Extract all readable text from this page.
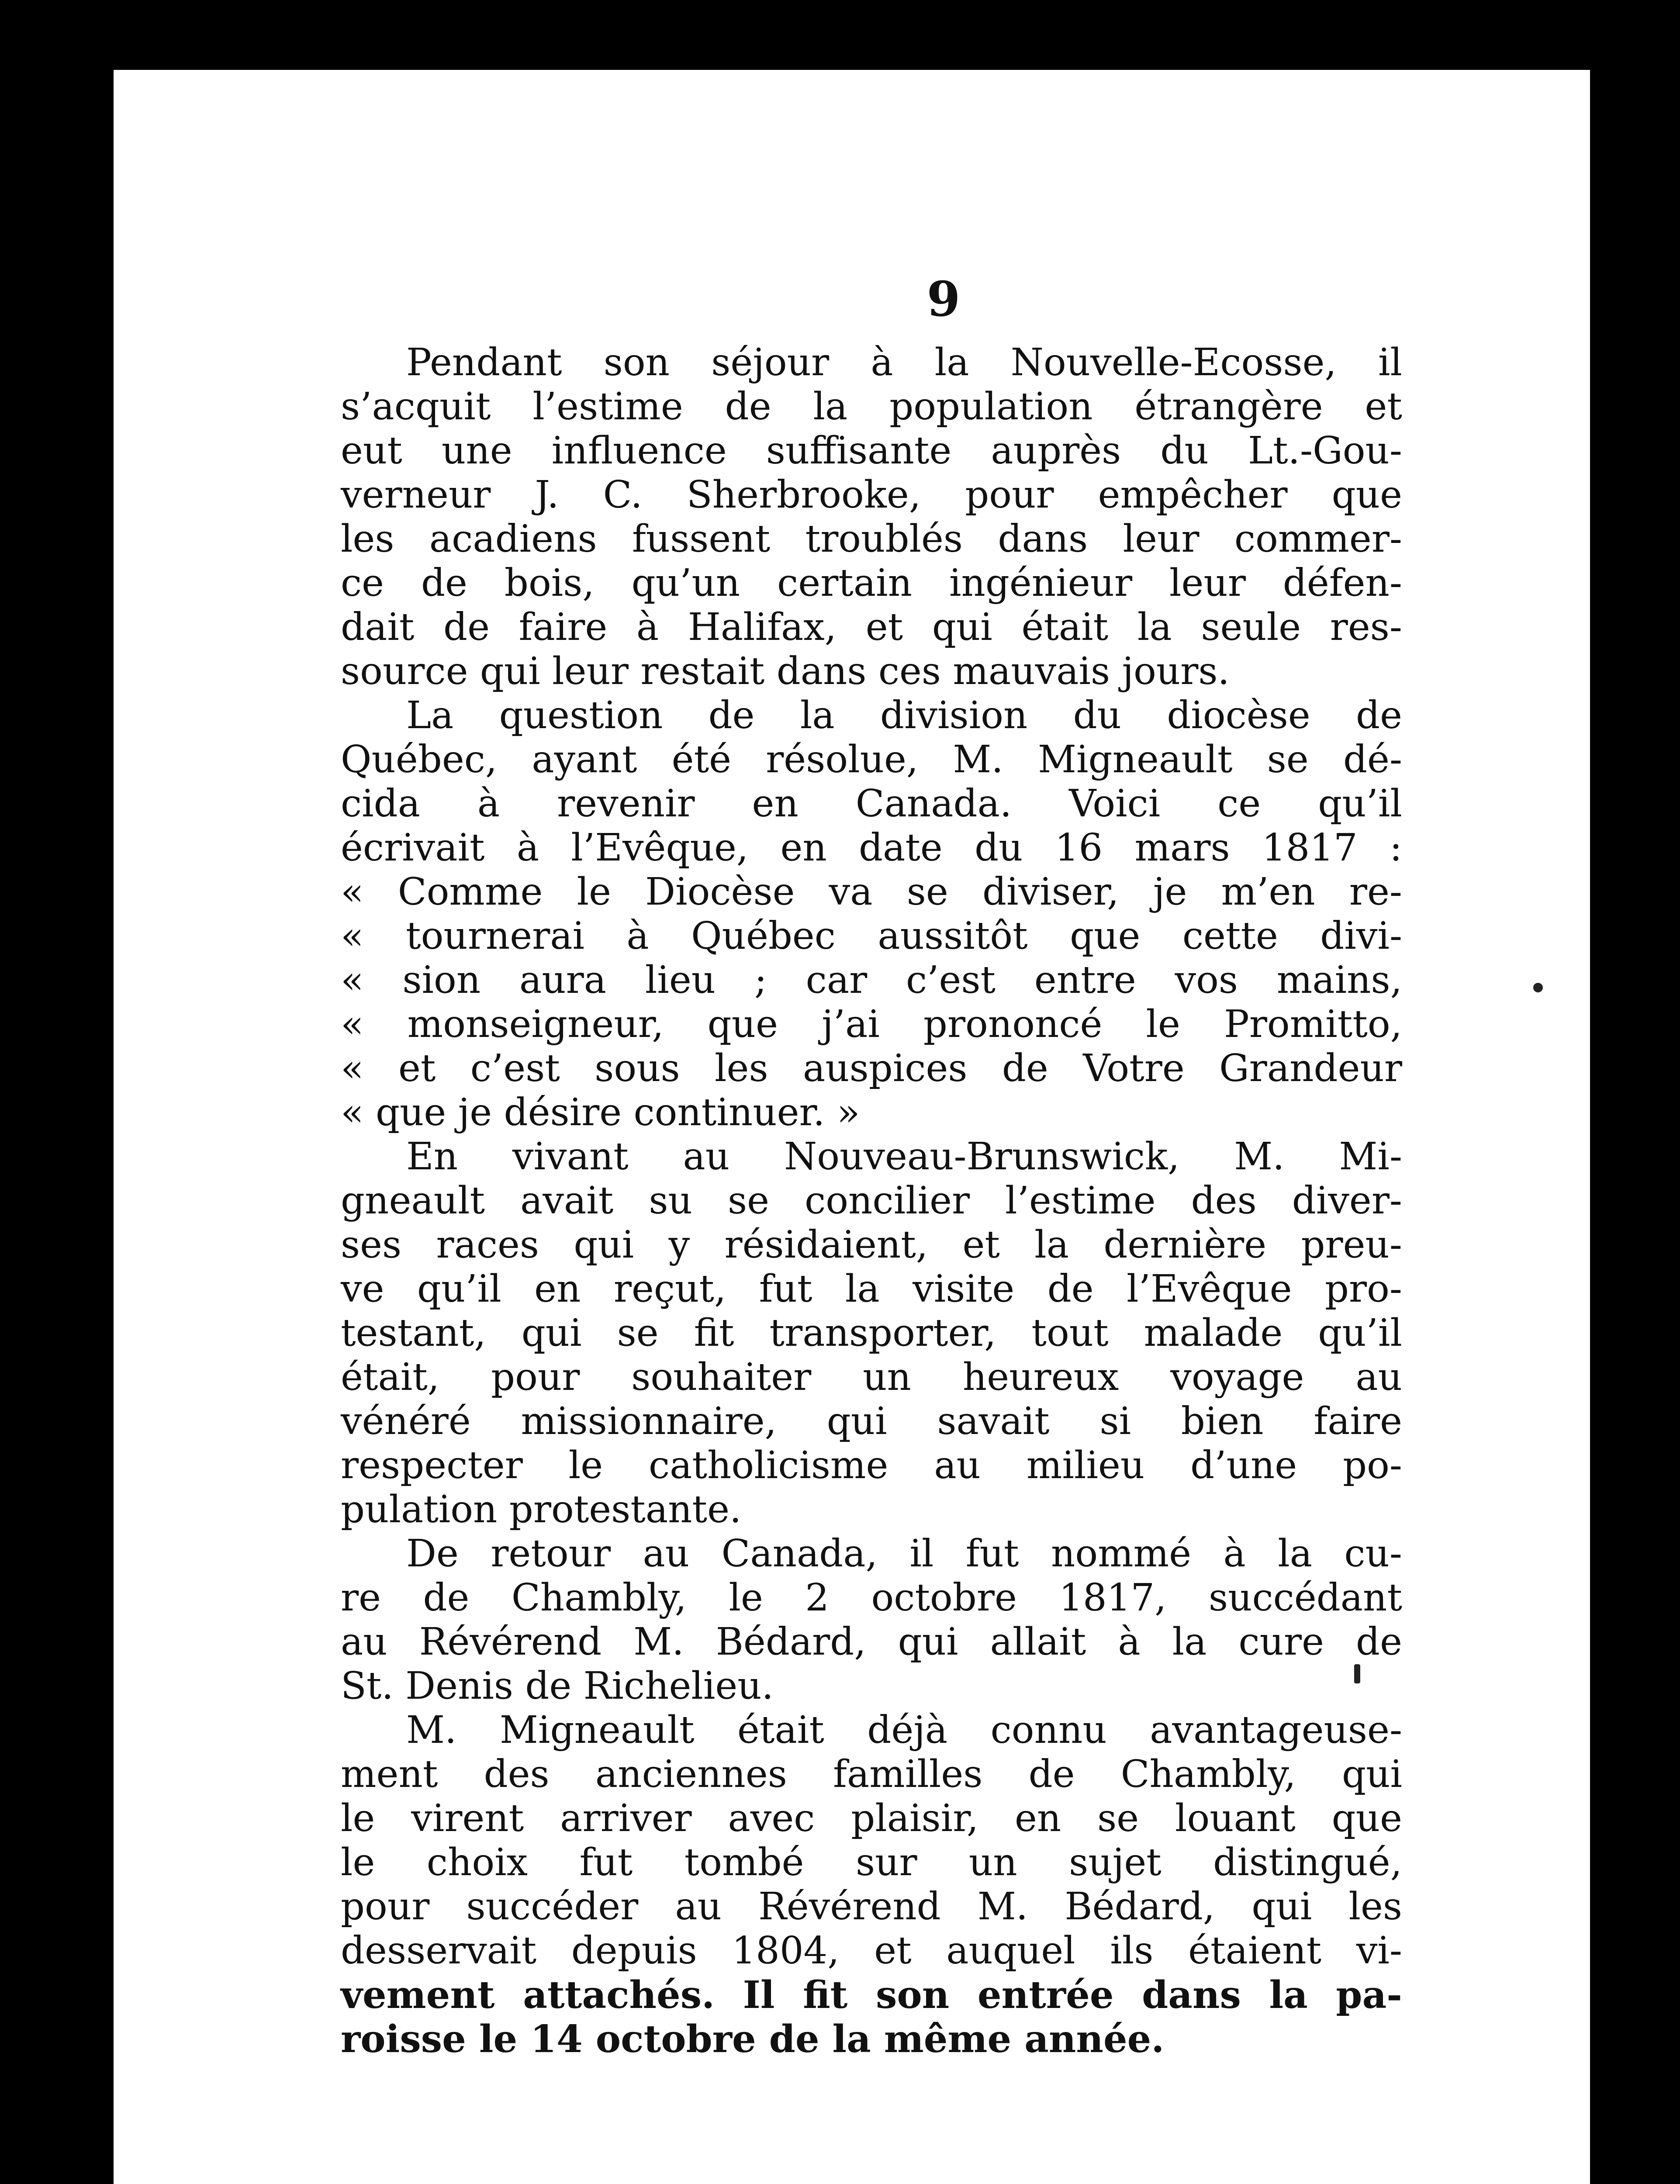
9
Pendant son séjour à la Nouvelle-Ecosse, il
s’acquit l’estime de la population étrangère et
eut une influence suffisante auprès du Lt.-Gou-
verneur J. C. Sherbrooke, pour empêcher que
les acadiens fussent troublés dans leur commer-
ce de bois, qu’un certain ingénieur leur défen-
dait de faire à Halifax, et qui était la seule res-
source qui leur restait dans ces mauvais jours.
La question de la division du diocèse de
Québec, ayant été résolue, M. Migneault se dé-
cida à revenir en Canada. Voici ce qu’il
écrivait à l’Evêque, en date du 16 mars 1817 :
« Comme le Diocèse va se diviser, je m’en re-
« tournerai à Québec aussitôt que cette divi-
« sion aura lieu ; car c’est entre vos mains,
« monseigneur, que j’ai prononcé le Promitto,
« et c’est sous les auspices de Votre Grandeur
« que je désire continuer. »
En vivant au Nouveau-Brunswick, M. Mi-
gneault avait su se concilier l’estime des diver-
ses races qui y résidaient, et la dernière preu-
ve qu’il en reçut, fut la visite de l’Evêque pro-
testant, qui se fit transporter, tout malade qu’il
était, pour souhaiter un heureux voyage au
vénéré missionnaire, qui savait si bien faire
respecter le catholicisme au milieu d’une po-
pulation protestante.
De retour au Canada, il fut nommé à la cu-
re de Chambly, le 2 octobre 1817, succédant
au Révérend M. Bédard, qui allait à la cure de
St. Denis de Richelieu.
M. Migneault était déjà connu avantageuse-
ment des anciennes familles de Chambly, qui
le virent arriver avec plaisir, en se louant que
le choix fut tombé sur un sujet distingué,
pour succéder au Révérend M. Bédard, qui les
desservait depuis 1804, et auquel ils étaient vi-
vement attachés. Il fit son entrée dans la pa-
roisse le 14 octobre de la même année.
